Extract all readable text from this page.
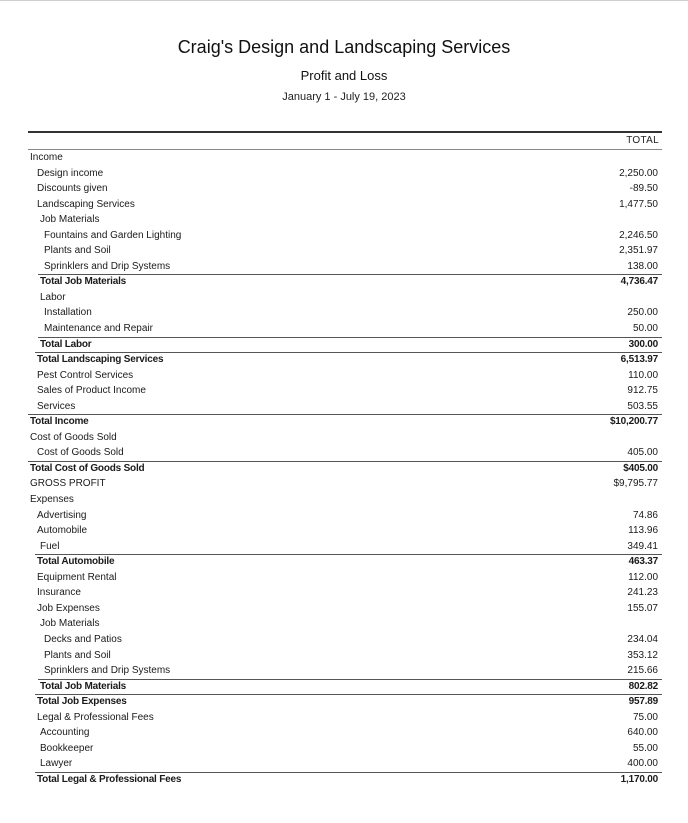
Craig's Design and Landscaping Services
Profit and Loss
January 1 - July 19, 2023
TOTAL
Income
Design income	2,250.00
Discounts given	-89.50
Landscaping Services	1,477.50
Job Materials
Fountains and Garden Lighting	2,246.50
Plants and Soil	2,351.97
Sprinklers and Drip Systems	138.00
Total Job Materials	4,736.47
Labor
Installation	250.00
Maintenance and Repair	50.00
Total Labor	300.00
Total Landscaping Services	6,513.97
Pest Control Services	110.00
Sales of Product Income	912.75
Services	503.55
Total Income	$10,200.77
Cost of Goods Sold
Cost of Goods Sold	405.00
Total Cost of Goods Sold	$405.00
GROSS PROFIT	$9,795.77
Expenses
Advertising	74.86
Automobile	113.96
Fuel	349.41
Total Automobile	463.37
Equipment Rental	112.00
Insurance	241.23
Job Expenses	155.07
Job Materials
Decks and Patios	234.04
Plants and Soil	353.12
Sprinklers and Drip Systems	215.66
Total Job Materials	802.82
Total Job Expenses	957.89
Legal & Professional Fees	75.00
Accounting	640.00
Bookkeeper	55.00
Lawyer	400.00
Total Legal & Professional Fees	1,170.00
